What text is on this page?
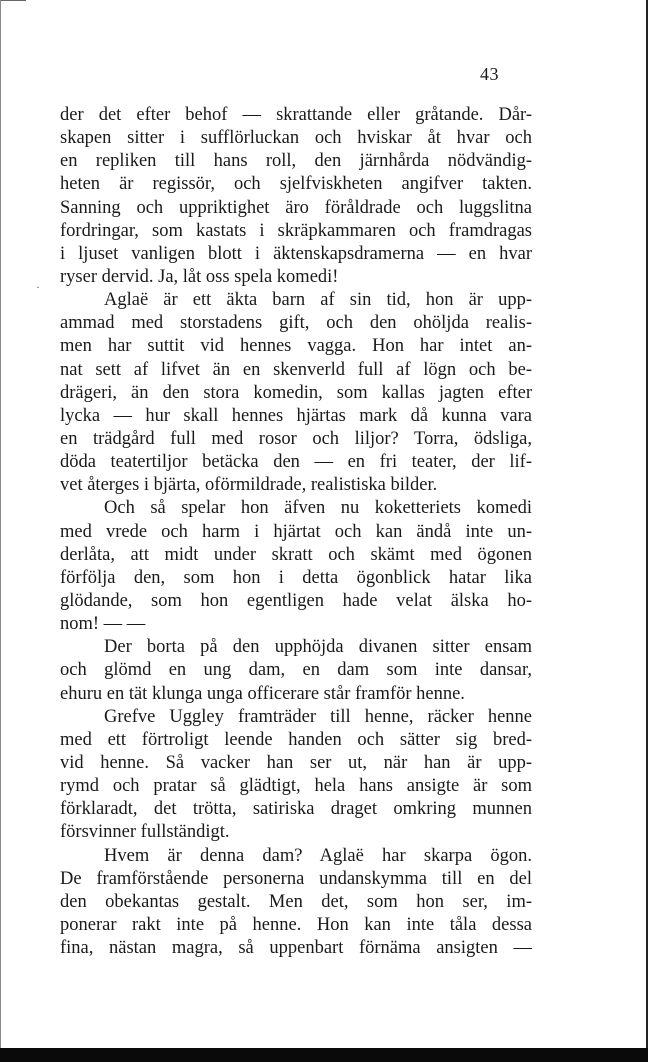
43
·
der det efter behof — skrattande eller gråtande. Dår-
skapen sitter i sufflörluckan och hviskar åt hvar och
en repliken till hans roll, den järnhårda nödvändig-
heten är regissör, och sjelfviskheten angifver takten.
Sanning och uppriktighet äro föråldrade och luggslitna
fordringar, som kastats i skräpkammaren och framdragas
i ljuset vanligen blott i äktenskapsdramerna — en hvar
ryser dervid. Ja, låt oss spela komedi!
Aglaë är ett äkta barn af sin tid, hon är upp-
ammad med storstadens gift, och den ohöljda realis-
men har suttit vid hennes vagga. Hon har intet an-
nat sett af lifvet än en skenverld full af lögn och be-
drägeri, än den stora komedin, som kallas jagten efter
lycka — hur skall hennes hjärtas mark då kunna vara
en trädgård full med rosor och liljor? Torra, ödsliga,
döda teatertiljor betäcka den — en fri teater, der lif-
vet återges i bjärta, oförmildrade, realistiska bilder.
Och så spelar hon äfven nu koketteriets komedi
med vrede och harm i hjärtat och kan ändå inte un-
derlåta, att midt under skratt och skämt med ögonen
förfölja den, som hon i detta ögonblick hatar lika
glödande, som hon egentligen hade velat älska ho-
nom! — —
Der borta på den upphöjda divanen sitter ensam
och glömd en ung dam, en dam som inte dansar,
ehuru en tät klunga unga officerare står framför henne.
Grefve Uggley framträder till henne, räcker henne
med ett förtroligt leende handen och sätter sig bred-
vid henne. Så vacker han ser ut, när han är upp-
rymd och pratar så glädtigt, hela hans ansigte är som
förklaradt, det trötta, satiriska draget omkring munnen
försvinner fullständigt.
Hvem är denna dam? Aglaë har skarpa ögon.
De framförstående personerna undanskymma till en del
den obekantas gestalt. Men det, som hon ser, im-
ponerar rakt inte på henne. Hon kan inte tåla dessa
fina, nästan magra, så uppenbart förnäma ansigten —
